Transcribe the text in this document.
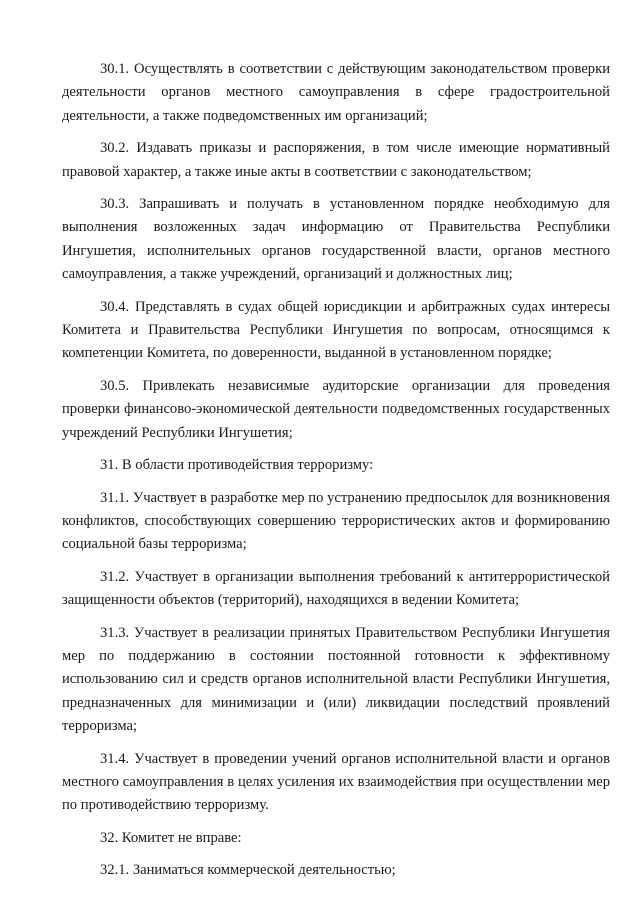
30.1. Осуществлять в соответствии с действующим законодательством проверки деятельности органов местного самоуправления в сфере градостроительной деятельности, а также подведомственных им организаций;

30.2. Издавать приказы и распоряжения, в том числе имеющие нормативный правовой характер, а также иные акты в соответствии с законодательством;

30.3. Запрашивать и получать в установленном порядке необходимую для выполнения возложенных задач информацию от Правительства Республики Ингушетия, исполнительных органов государственной власти, органов местного самоуправления, а также учреждений, организаций и должностных лиц;

30.4. Представлять в судах общей юрисдикции и арбитражных судах интересы Комитета и Правительства Республики Ингушетия по вопросам, относящимся к компетенции Комитета, по доверенности, выданной в установленном порядке;

30.5. Привлекать независимые аудиторские организации для проведения проверки финансово-экономической деятельности подведомственных государственных учреждений Республики Ингушетия;

31. В области противодействия терроризму:

31.1. Участвует в разработке мер по устранению предпосылок для возникновения конфликтов, способствующих совершению террористических актов и формированию социальной базы терроризма;

31.2. Участвует в организации выполнения требований к антитеррористической защищенности объектов (территорий), находящихся в ведении Комитета;

31.3. Участвует в реализации принятых Правительством Республики Ингушетия мер по поддержанию в состоянии постоянной готовности к эффективному использованию сил и средств органов исполнительной власти Республики Ингушетия, предназначенных для минимизации и (или) ликвидации последствий проявлений терроризма;

31.4. Участвует в проведении учений органов исполнительной власти и органов местного самоуправления в целях усиления их взаимодействия при осуществлении мер по противодействию терроризму.

32. Комитет не вправе:

32.1. Заниматься коммерческой деятельностью;
